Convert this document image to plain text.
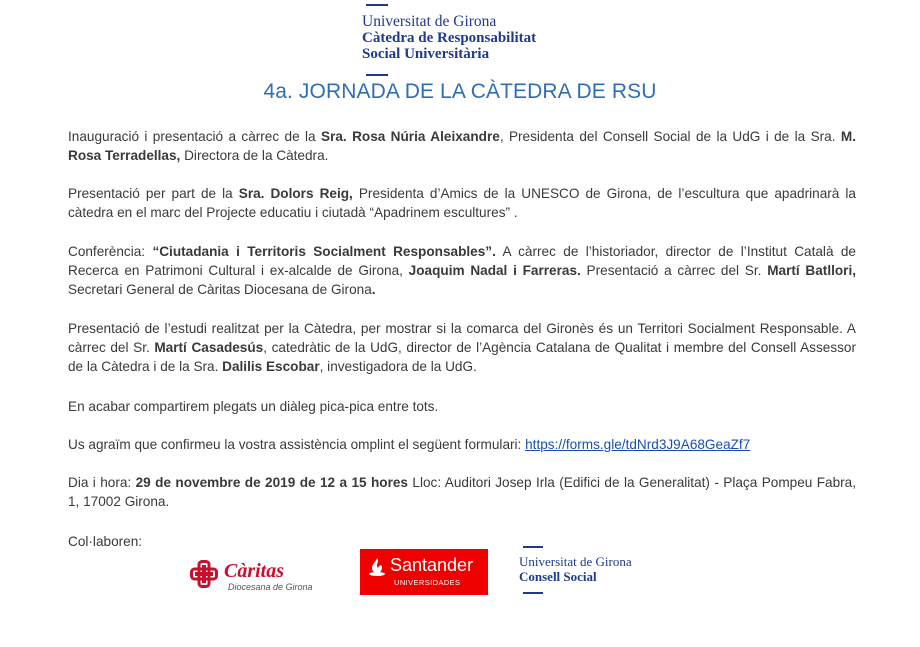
Universitat de Girona
Càtedra de Responsabilitat
Social Universitària
4a. JORNADA DE LA CÀTEDRA DE RSU

Inauguració i presentació a càrrec de la Sra. Rosa Núria Aleixandre, Presidenta del Consell Social de la UdG i de la Sra. M. Rosa Terradellas, Directora de la Càtedra.

Presentació per part de la Sra. Dolors Reig, Presidenta d’Amics de la UNESCO de Girona, de l’escultura que apadrinarà la càtedra en el marc del Projecte educatiu i ciutadà “Apadrinem escultures” .

Conferència: “Ciutadania i Territoris Socialment Responsables”. A càrrec de l’historiador, director de l’Institut Català de Recerca en Patrimoni Cultural i ex-alcalde de Girona, Joaquim Nadal i Farreras. Presentació a càrrec del Sr. Martí Batllori, Secretari General de Càritas Diocesana de Girona.

Presentació de l’estudi realitzat per la Càtedra, per mostrar si la comarca del Gironès és un Territori Socialment Responsable. A càrrec del Sr. Martí Casadesús, catedràtic de la UdG, director de l’Agència Catalana de Qualitat i membre del Consell Assessor de la Càtedra i de la Sra. Dalilis Escobar, investigadora de la UdG.

En acabar compartirem plegats un diàleg pica-pica entre tots.

Us agraïm que confirmeu la vostra assistència omplint el següent formulari: https://forms.gle/tdNrd3J9A68GeaZf7

Dia i hora: 29 de novembre de 2019 de 12 a 15 hores Lloc: Auditori Josep Irla (Edifici de la Generalitat) - Plaça Pompeu Fabra, 1, 17002 Girona.

Col·laboren:

Càritas
Diocesana de Girona
Santander
UNIVERSIDADES
Universitat de Girona
Consell Social
